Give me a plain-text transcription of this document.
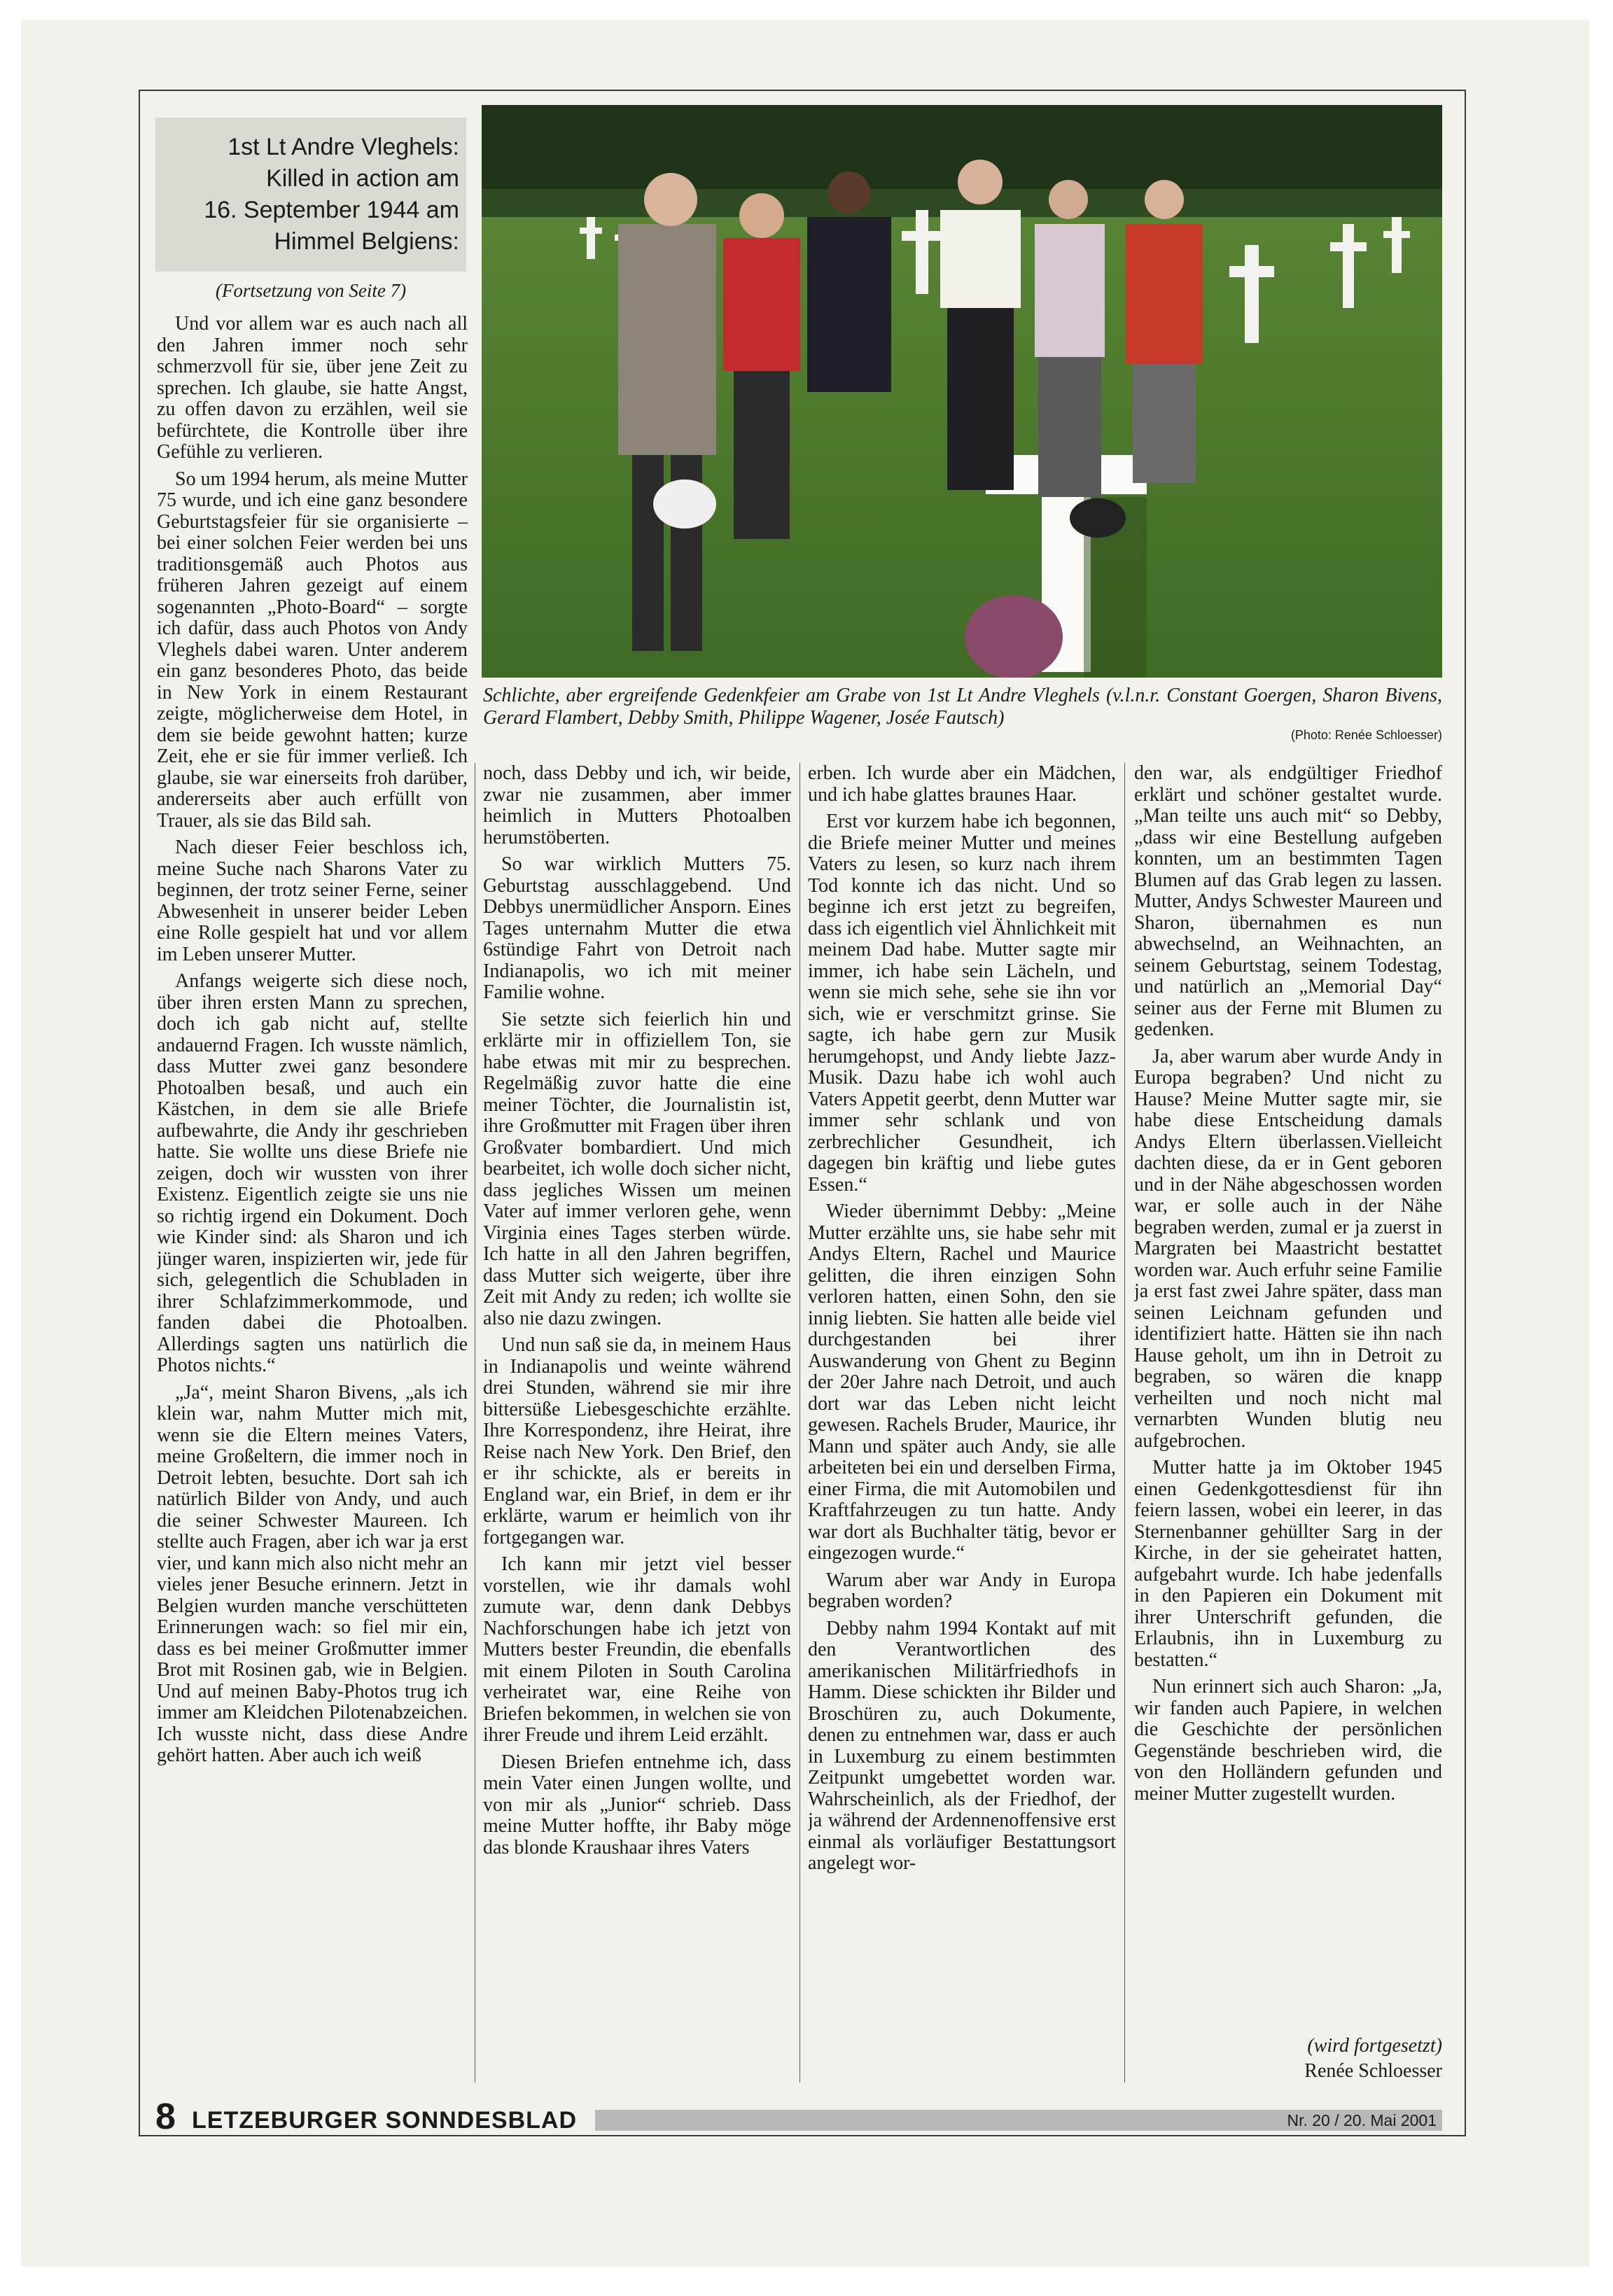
1st Lt Andre Vleghels:
Killed in action am
16. September 1944 am
Himmel Belgiens:
(Fortsetzung von Seite 7)
Schlichte, aber ergreifende Gedenkfeier am Grabe von 1st Lt Andre Vleghels (v.l.n.r. Constant Goergen, Sharon Bivens, Gerard Flambert, Debby Smith, Philippe Wagener, Josée Fautsch)
(Photo: Renée Schloesser)

Und vor allem war es auch nach all den Jahren immer noch sehr schmerzvoll für sie, über jene Zeit zu sprechen. Ich glaube, sie hatte Angst, zu offen davon zu erzählen, weil sie befürchtete, die Kontrolle über ihre Gefühle zu verlieren.

So um 1994 herum, als meine Mutter 75 wurde, und ich eine ganz besondere Geburtstagsfeier für sie organisierte – bei einer solchen Feier werden bei uns traditionsgemäß auch Photos aus früheren Jahren gezeigt auf einem sogenannten „Photo-Board“ – sorgte ich dafür, dass auch Photos von Andy Vleghels dabei waren. Unter anderem ein ganz besonderes Photo, das beide in New York in einem Restaurant zeigte, möglicherweise dem Hotel, in dem sie beide gewohnt hatten; kurze Zeit, ehe er sie für immer verließ. Ich glaube, sie war einerseits froh darüber, andererseits aber auch erfüllt von Trauer, als sie das Bild sah.

Nach dieser Feier beschloss ich, meine Suche nach Sharons Vater zu beginnen, der trotz seiner Ferne, seiner Abwesenheit in unserer beider Leben eine Rolle gespielt hat und vor allem im Leben unserer Mutter.

Anfangs weigerte sich diese noch, über ihren ersten Mann zu sprechen, doch ich gab nicht auf, stellte andauernd Fragen. Ich wusste nämlich, dass Mutter zwei ganz besondere Photoalben besaß, und auch ein Kästchen, in dem sie alle Briefe aufbewahrte, die Andy ihr geschrieben hatte. Sie wollte uns diese Briefe nie zeigen, doch wir wussten von ihrer Existenz. Eigentlich zeigte sie uns nie so richtig irgend ein Dokument. Doch wie Kinder sind: als Sharon und ich jünger waren, inspizierten wir, jede für sich, gelegentlich die Schubladen in ihrer Schlafzimmerkommode, und fanden dabei die Photoalben. Allerdings sagten uns natürlich die Photos nichts.“

„Ja“, meint Sharon Bivens, „als ich klein war, nahm Mutter mich mit, wenn sie die Eltern meines Vaters, meine Großeltern, die immer noch in Detroit lebten, besuchte. Dort sah ich natürlich Bilder von Andy, und auch die seiner Schwester Maureen. Ich stellte auch Fragen, aber ich war ja erst vier, und kann mich also nicht mehr an vieles jener Besuche erinnern. Jetzt in Belgien wurden manche verschütteten Erinnerungen wach: so fiel mir ein, dass es bei meiner Großmutter immer Brot mit Rosinen gab, wie in Belgien. Und auf meinen Baby-Photos trug ich immer am Kleidchen Pilotenabzeichen. Ich wusste nicht, dass diese Andre gehört hatten. Aber auch ich weiß

noch, dass Debby und ich, wir beide, zwar nie zusammen, aber immer heimlich in Mutters Photoalben herumstöberten.

So war wirklich Mutters 75. Geburtstag ausschlaggebend. Und Debbys unermüdlicher Ansporn. Eines Tages unternahm Mutter die etwa 6stündige Fahrt von Detroit nach Indianapolis, wo ich mit meiner Familie wohne.

Sie setzte sich feierlich hin und erklärte mir in offiziellem Ton, sie habe etwas mit mir zu besprechen. Regelmäßig zuvor hatte die eine meiner Töchter, die Journalistin ist, ihre Großmutter mit Fragen über ihren Großvater bombardiert. Und mich bearbeitet, ich wolle doch sicher nicht, dass jegliches Wissen um meinen Vater auf immer verloren gehe, wenn Virginia eines Tages sterben würde. Ich hatte in all den Jahren begriffen, dass Mutter sich weigerte, über ihre Zeit mit Andy zu reden; ich wollte sie also nie dazu zwingen.

Und nun saß sie da, in meinem Haus in Indianapolis und weinte während drei Stunden, während sie mir ihre bittersüße Liebesgeschichte erzählte. Ihre Korrespondenz, ihre Heirat, ihre Reise nach New York. Den Brief, den er ihr schickte, als er bereits in England war, ein Brief, in dem er ihr erklärte, warum er heimlich von ihr fortgegangen war.

Ich kann mir jetzt viel besser vorstellen, wie ihr damals wohl zumute war, denn dank Debbys Nachforschungen habe ich jetzt von Mutters bester Freundin, die ebenfalls mit einem Piloten in South Carolina verheiratet war, eine Reihe von Briefen bekommen, in welchen sie von ihrer Freude und ihrem Leid erzählt.

Diesen Briefen entnehme ich, dass mein Vater einen Jungen wollte, und von mir als „Junior“ schrieb. Dass meine Mutter hoffte, ihr Baby möge das blonde Kraushaar ihres Vaters

erben. Ich wurde aber ein Mädchen, und ich habe glattes braunes Haar.

Erst vor kurzem habe ich begonnen, die Briefe meiner Mutter und meines Vaters zu lesen, so kurz nach ihrem Tod konnte ich das nicht. Und so beginne ich erst jetzt zu begreifen, dass ich eigentlich viel Ähnlichkeit mit meinem Dad habe. Mutter sagte mir immer, ich habe sein Lächeln, und wenn sie mich sehe, sehe sie ihn vor sich, wie er verschmitzt grinse. Sie sagte, ich habe gern zur Musik herumgehopst, und Andy liebte Jazz-Musik. Dazu habe ich wohl auch Vaters Appetit geerbt, denn Mutter war immer sehr schlank und von zerbrechlicher Gesundheit, ich dagegen bin kräftig und liebe gutes Essen.“

Wieder übernimmt Debby: „Meine Mutter erzählte uns, sie habe sehr mit Andys Eltern, Rachel und Maurice gelitten, die ihren einzigen Sohn verloren hatten, einen Sohn, den sie innig liebten. Sie hatten alle beide viel durchgestanden bei ihrer Auswanderung von Ghent zu Beginn der 20er Jahre nach Detroit, und auch dort war das Leben nicht leicht gewesen. Rachels Bruder, Maurice, ihr Mann und später auch Andy, sie alle arbeiteten bei ein und derselben Firma, einer Firma, die mit Automobilen und Kraftfahrzeugen zu tun hatte. Andy war dort als Buchhalter tätig, bevor er eingezogen wurde.“

Warum aber war Andy in Europa begraben worden?

Debby nahm 1994 Kontakt auf mit den Verantwortlichen des amerikanischen Militärfriedhofs in Hamm. Diese schickten ihr Bilder und Broschüren zu, auch Dokumente, denen zu entnehmen war, dass er auch in Luxemburg zu einem bestimmten Zeitpunkt umgebettet worden war. Wahrscheinlich, als der Friedhof, der ja während der Ardennenoffensive erst einmal als vorläufiger Bestattungsort angelegt wor-

den war, als endgültiger Friedhof erklärt und schöner gestaltet wurde. „Man teilte uns auch mit“ so Debby, „dass wir eine Bestellung aufgeben konnten, um an bestimmten Tagen Blumen auf das Grab legen zu lassen. Mutter, Andys Schwester Maureen und Sharon, übernahmen es nun abwechselnd, an Weihnachten, an seinem Geburtstag, seinem Todestag, und natürlich an „Memorial Day“ seiner aus der Ferne mit Blumen zu gedenken.

Ja, aber warum aber wurde Andy in Europa begraben? Und nicht zu Hause? Meine Mutter sagte mir, sie habe diese Entscheidung damals Andys Eltern überlassen.Vielleicht dachten diese, da er in Gent geboren und in der Nähe abgeschossen worden war, er solle auch in der Nähe begraben werden, zumal er ja zuerst in Margraten bei Maastricht bestattet worden war. Auch erfuhr seine Familie ja erst fast zwei Jahre später, dass man seinen Leichnam gefunden und identifiziert hatte. Hätten sie ihn nach Hause geholt, um ihn in Detroit zu begraben, so wären die knapp verheilten und noch nicht mal vernarbten Wunden blutig neu aufgebrochen.

Mutter hatte ja im Oktober 1945 einen Gedenkgottesdienst für ihn feiern lassen, wobei ein leerer, in das Sternenbanner gehüllter Sarg in der Kirche, in der sie geheiratet hatten, aufgebahrt wurde. Ich habe jedenfalls in den Papieren ein Dokument mit ihrer Unterschrift gefunden, die Erlaubnis, ihn in Luxemburg zu bestatten.“

Nun erinnert sich auch Sharon: „Ja, wir fanden auch Papiere, in welchen die Geschichte der persönlichen Gegenstände beschrieben wird, die von den Holländern gefunden und meiner Mutter zugestellt wurden.

(wird fortgesetzt)
Renée Schloesser
8 LETZEBURGER SONNDESBLAD	Nr. 20 / 20. Mai 2001
